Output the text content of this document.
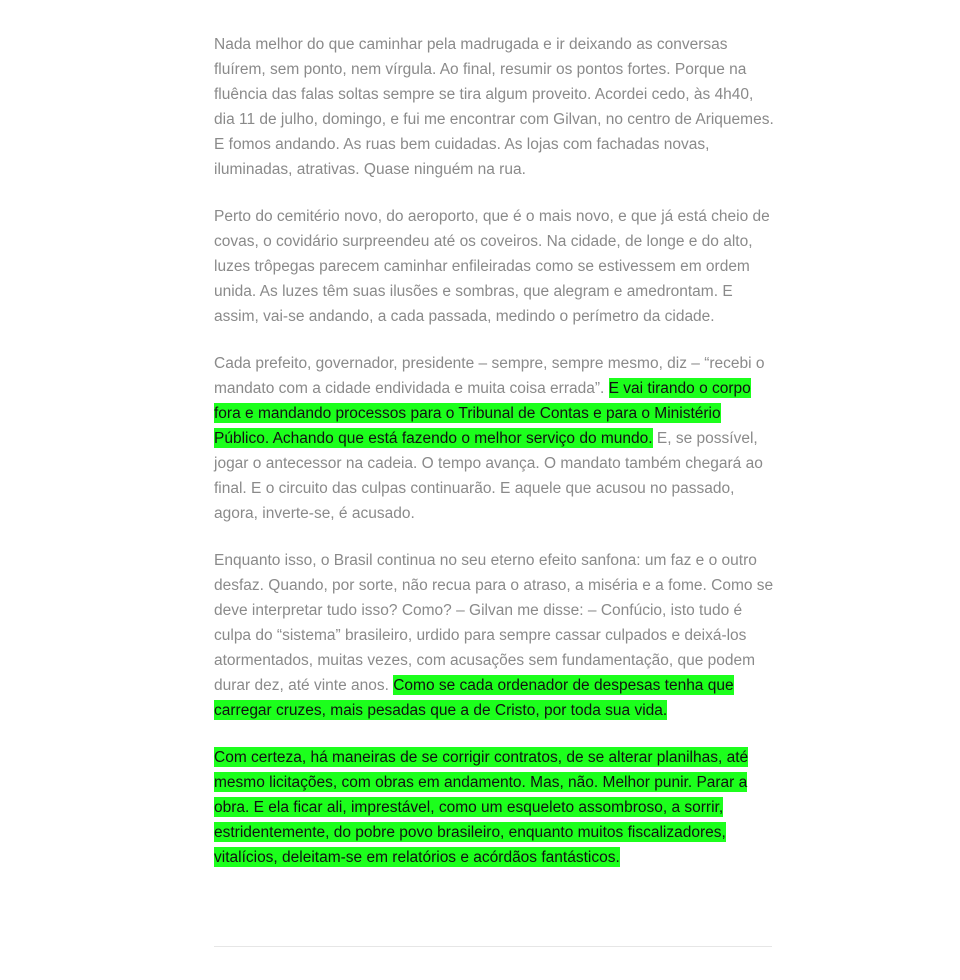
Nada melhor do que caminhar pela madrugada e ir deixando as conversas fluírem, sem ponto, nem vírgula. Ao final, resumir os pontos fortes. Porque na fluência das falas soltas sempre se tira algum proveito. Acordei cedo, às 4h40, dia 11 de julho, domingo, e fui me encontrar com Gilvan, no centro de Ariquemes. E fomos andando. As ruas bem cuidadas. As lojas com fachadas novas, iluminadas, atrativas. Quase ninguém na rua.

Perto do cemitério novo, do aeroporto, que é o mais novo, e que já está cheio de covas, o covidário surpreendeu até os coveiros. Na cidade, de longe e do alto, luzes trôpegas parecem caminhar enfileiradas como se estivessem em ordem unida. As luzes têm suas ilusões e sombras, que alegram e amedrontam. E assim, vai-se andando, a cada passada, medindo o perímetro da cidade.

Cada prefeito, governador, presidente – sempre, sempre mesmo, diz – “recebi o mandato com a cidade endividada e muita coisa errada”. E vai tirando o corpo fora e mandando processos para o Tribunal de Contas e para o Ministério Público. Achando que está fazendo o melhor serviço do mundo. E, se possível, jogar o antecessor na cadeia. O tempo avança. O mandato também chegará ao final. E o circuito das culpas continuarão. E aquele que acusou no passado, agora, inverte-se, é acusado.

Enquanto isso, o Brasil continua no seu eterno efeito sanfona: um faz e o outro desfaz. Quando, por sorte, não recua para o atraso, a miséria e a fome. Como se deve interpretar tudo isso? Como? – Gilvan me disse: – Confúcio, isto tudo é culpa do “sistema” brasileiro, urdido para sempre cassar culpados e deixá-los atormentados, muitas vezes, com acusações sem fundamentação, que podem durar dez, até vinte anos. Como se cada ordenador de despesas tenha que carregar cruzes, mais pesadas que a de Cristo, por toda sua vida.

Com certeza, há maneiras de se corrigir contratos, de se alterar planilhas, até mesmo licitações, com obras em andamento. Mas, não. Melhor punir. Parar a obra. E ela ficar ali, imprestável, como um esqueleto assombroso, a sorrir, estridentemente, do pobre povo brasileiro, enquanto muitos fiscalizadores, vitalícios, deleitam-se em relatórios e acórdãos fantásticos.
